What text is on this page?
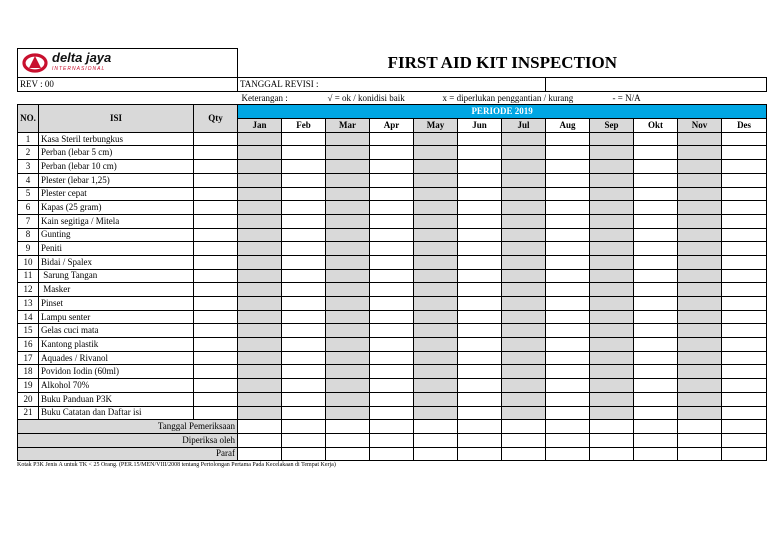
delta jaya
INTERNASIONAL			FIRST AID KIT INSPECTION											
REV : 00			TANGGAL REVISI :											

			Keterangan : √ = ok / konidisi baik x = diperlukan penggantian / kurang - = N/A											

NO.	ISI	Qty	PERIODE 2019											
			Jan	Feb	Mar	Apr	May	Jun	Jul	Aug	Sep	Okt	Nov	Des
1	Kasa Steril terbungkus													
2	Perban (lebar 5 cm)													
3	Perban (lebar 10 cm)													
4	Plester (lebar 1,25)													
5	Plester cepat													
6	Kapas (25 gram)													
7	Kain segitiga / Mitela													
8	Gunting													
9	Peniti													
10	Bidai / Spalex													
11	Sarung Tangan													
12	Masker													
13	Pinset													
14	Lampu senter													
15	Gelas cuci mata													
16	Kantong plastik													
17	Aquades / Rivanol													
18	Povidon Iodin (60ml)													
19	Alkohol 70%													
20	Buku Panduan P3K													
21	Buku Catatan dan Daftar isi													
Tanggal Pemeriksaan														
Diperiksa oleh														
Paraf														
Kotak P3K Jenis A untuk TK < 25 Orang. (PER.15/MEN/VIII/2008 tentang Pertolongan Pertama Pada Kecelakaan di Tempat Kerja)
